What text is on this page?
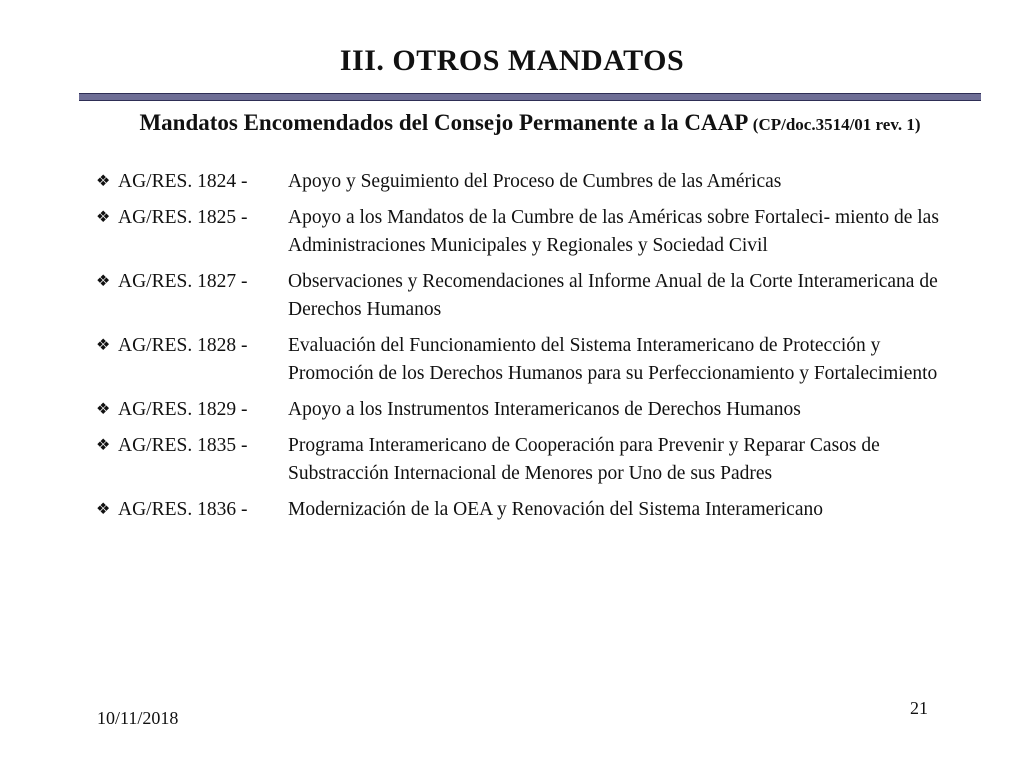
III. OTROS MANDATOS
Mandatos Encomendados del Consejo Permanente a la CAAP (CP/doc.3514/01 rev. 1)
❖ AG/RES. 1824 -	Apoyo y Seguimiento del Proceso de Cumbres de las Américas
❖ AG/RES. 1825 -	Apoyo a los Mandatos de la Cumbre de las Américas sobre Fortaleci- miento de las Administraciones Municipales y Regionales y Sociedad Civil
❖ AG/RES. 1827 -	Observaciones y Recomendaciones al Informe Anual de la Corte Interamericana de Derechos Humanos
❖ AG/RES. 1828 -	Evaluación del Funcionamiento del Sistema Interamericano de Protección y Promoción de los Derechos Humanos para su Perfeccionamiento y Fortalecimiento
❖ AG/RES. 1829 -	Apoyo a los Instrumentos Interamericanos de Derechos Humanos
❖ AG/RES. 1835 -	Programa Interamericano de Cooperación para Prevenir y Reparar Casos de Substracción Internacional de Menores por Uno de sus Padres
❖ AG/RES. 1836 -	Modernización de la OEA y Renovación del Sistema Interamericano
10/11/2018	21
